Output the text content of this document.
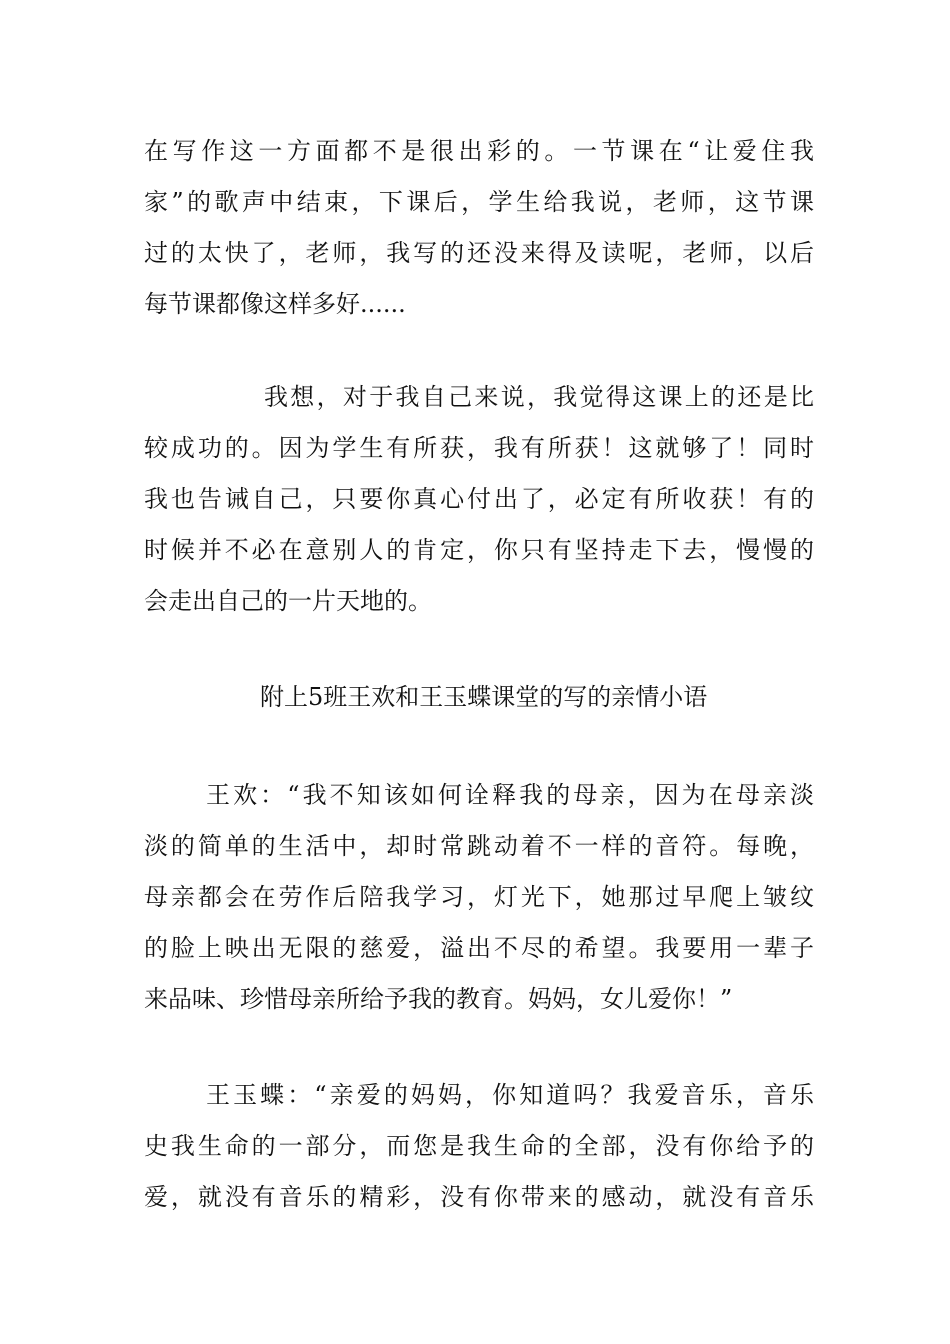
在写作这一方面都不是很出彩的。一节课在“让爱住我
家”的歌声中结束，下课后，学生给我说，老师，这节课
过的太快了，老师，我写的还没来得及读呢，老师，以后
每节课都像这样多好......
我想，对于我自己来说，我觉得这课上的还是比
较成功的。因为学生有所获，我有所获！这就够了！同时
我也告诫自己，只要你真心付出了，必定有所收获！有的
时候并不必在意别人的肯定，你只有坚持走下去，慢慢的
会走出自己的一片天地的。

附上5班王欢和王玉蝶课堂的写的亲情小语

王欢：“我不知该如何诠释我的母亲，因为在母亲淡
淡的简单的生活中，却时常跳动着不一样的音符。每晚，
母亲都会在劳作后陪我学习，灯光下，她那过早爬上皱纹
的脸上映出无限的慈爱，溢出不尽的希望。我要用一辈子
来品味、珍惜母亲所给予我的教育。妈妈，女儿爱你！”
王玉蝶：“亲爱的妈妈，你知道吗？我爱音乐，音乐
史我生命的一部分，而您是我生命的全部，没有你给予的
爱，就没有音乐的精彩，没有你带来的感动，就没有音乐
